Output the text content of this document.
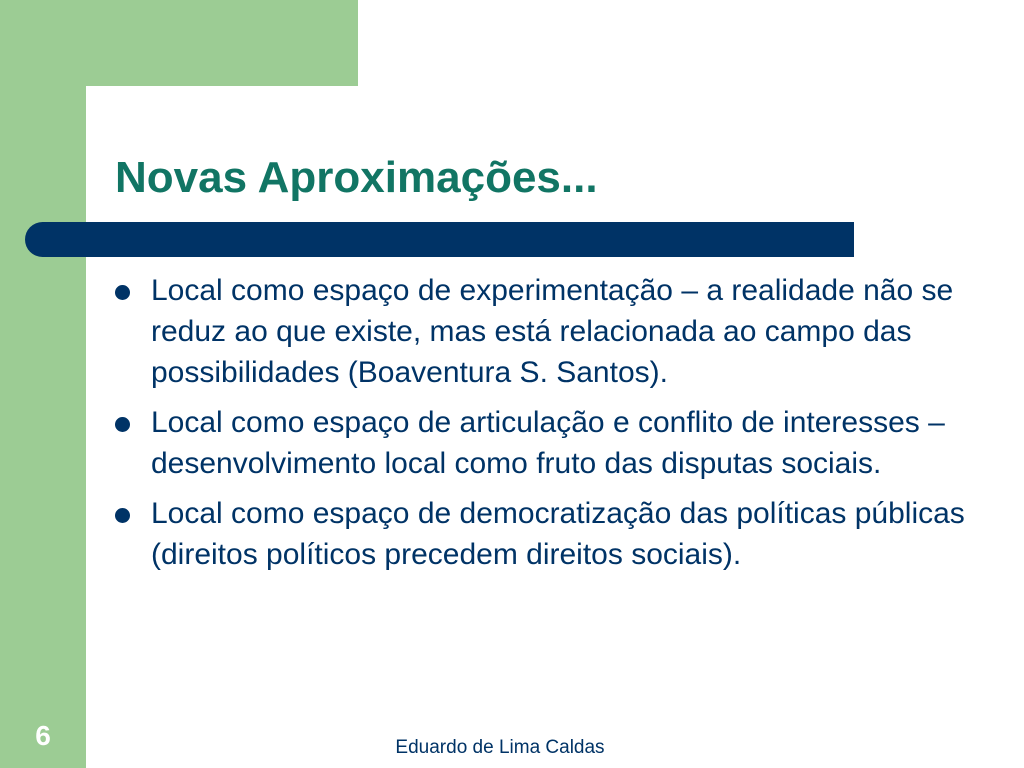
Novas Aproximações...
Local como espaço de experimentação – a realidade não se reduz ao que existe, mas está relacionada ao campo das possibilidades (Boaventura S. Santos).
Local como espaço de articulação e conflito de interesses – desenvolvimento local como fruto das disputas sociais.
Local como espaço de democratização das políticas públicas (direitos políticos precedem direitos sociais).
6	Eduardo de Lima Caldas
